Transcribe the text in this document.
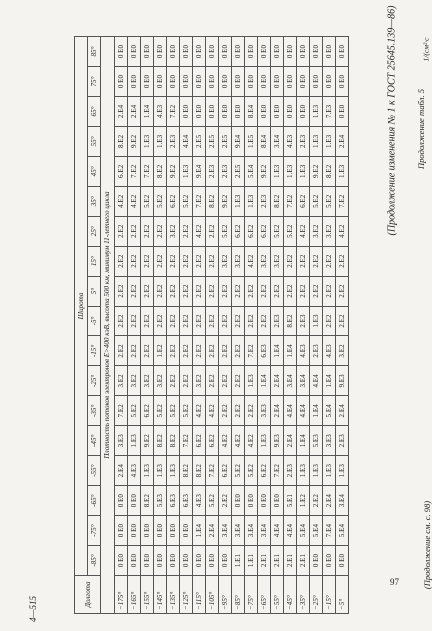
(Продолжение изменения № 1 к ГОСТ 25645.139—86) Продолжение табл. 5
1/(см²·с
Долгота	Широта																	
	-85°	-75°	-65°	-55°	-45°	-35°	-25°	-15°	-5°	5°	15°	25°	35°	45°	55°	65°	75°	85°
Плотность потоков электронов E>400 кэВ, высота 500 км, минимум 11-летнего цикла																		
−175°	0 E0	0 E0	0 E0	2.E4	3.E3	7.E2	3.E2	2.E2	2.E2	2.E2	2.E2	2.E2	4.E2	6.E2	8.E2	2.E4	0 E0	0 E0
−165°	0 E0	0 E0	0 E0	4.E3	1.E3	5.E2	3.E2	2.E2	2.E2	2.E2	2.E2	2.E2	4.E2	7.E2	9.E2	2.E4	0 E0	0 E0
−155°	0 E0	0 E0	8.E2	1.E3	9.E2	6.E2	3.E2	2.E2	2.E2	2.E2	2.E2	2.E2	5.E2	7.E2	1.E3	1.E4	0 E0	0 E0
−145°	0 E0	0 E0	5.E3	1.E3	8.E2	5.E2	3.E2	1.E2	2.E2	2.E2	2.E2	2.E2	5.E2	8.E2	1.E3	4.E3	0 E0	0 E0
−135°	0 E0	0 E0	6.E3	1.E3	8.E2	5.E2	2.E2	2.E2	2.E2	2.E2	2.E2	3.E2	6.E2	9.E2	2.E3	7.E2	0 E0	0 E0
−125°	0 E0	0 E0	6.E3	8.E2	7.E2	5.E2	2.E2	2.E2	2.E2	2.E2	2.E2	2.E2	5.E2	1.E3	4.E4	0 E0	0 E0	0 E0
−115°	0 E0	1.E4	4.E3	8.E2	6.E2	4.E2	3.E2	2.E2	2.E2	2.E2	2.E2	4.E2	7.E2	9.E4	2.E5	0 E0	0 E0	0 E0
−105°	0 E0	2.E4	5.E2	7.E2	6.E2	4.E2	2.E2	2.E2	2.E2	2.E2	2.E2	2.E2	8.E2	2.E3	2.E5	0 E0	0 E0	0 E0
−95°	0 E0	3.E4	2.E2	6.E2	4.E2	2.E2	2.E2	2.E2	2.E2	2.E2	3.E2	5.E2	9.E2	2.E3	2.E5	0 E0	0 E0	0 E0
−85°	1.E1	3.E4	0 E0	5.E2	4.E2	2.E2	2.E2	2.E2	2.E2	2.E2	3.E2	6.E2	1.E3	2.E5	9.E4	0 E0	0 E0	0 E0
−75°	1.E1	3.E4	0 E0	5.E2	4.E2	2.E2	1.E3	7.E2	2.E2	2.E2	4.E2	6.E2	1.E3	5.E4	1.E5	8.E4	0 E0	0 E0
−65°	2.E1	3.E4	0 E0	6.E2	1.E3	3.E3	1.E4	6.E3	2.E2	2.E2	3.E2	6.E2	2.E3	9.E2	8.E4	0 E0	0 E0	0 E0
−55°	2.E1	4.E4	0 E0	7.E2	9.E3	2.E4	2.E4	1.E4	2.E3	2.E2	3.E2	5.E2	8.E2	1.E3	3.E4	0 E0	0 E0	0 E0
−45°	2.E1	4.E4	5.E1	2.E3	2.E4	4.E4	3.E4	1.E4	8.E2	2.E2	2.E2	5.E2	7.E2	1.E3	4.E3	0 E0	0 E0	0 E0
−35°	2.E1	5.E4	1.E2	1.E3	1.E4	4.E4	3.E4	4.E3	2.E3	2.E2	2.E2	4.E2	6.E2	1.E3	2.E3	0 E0	0 E0	0 E0
−25°	0 E0	5.E4	2.E2	1.E3	5.E3	1.E4	4.E4	2.E3	1.E3	2.E2	2.E2	3.E2	5.E2	9.E2	1.E3	1.E3	0 E0	0 E0
−15°	0 E0	7.E4	2.E4	1.E3	3.E3	5.E4	1.E4	4.E3	2.E2	2.E2	2.E2	3.E2	5.E2	8.E2	1.E3	7.E3	0 E0	0 E0
−5°	0 E0	5.E4	3.E4	1.E3	2.E3	2.E4	9.E3	3.E2	2.E2	2.E2	2.E2	4.E2	7.E2	1.E3	2.E4	0 E0	0 E0	0 E0
(Продолжение см. с. 98)
97
4—515
